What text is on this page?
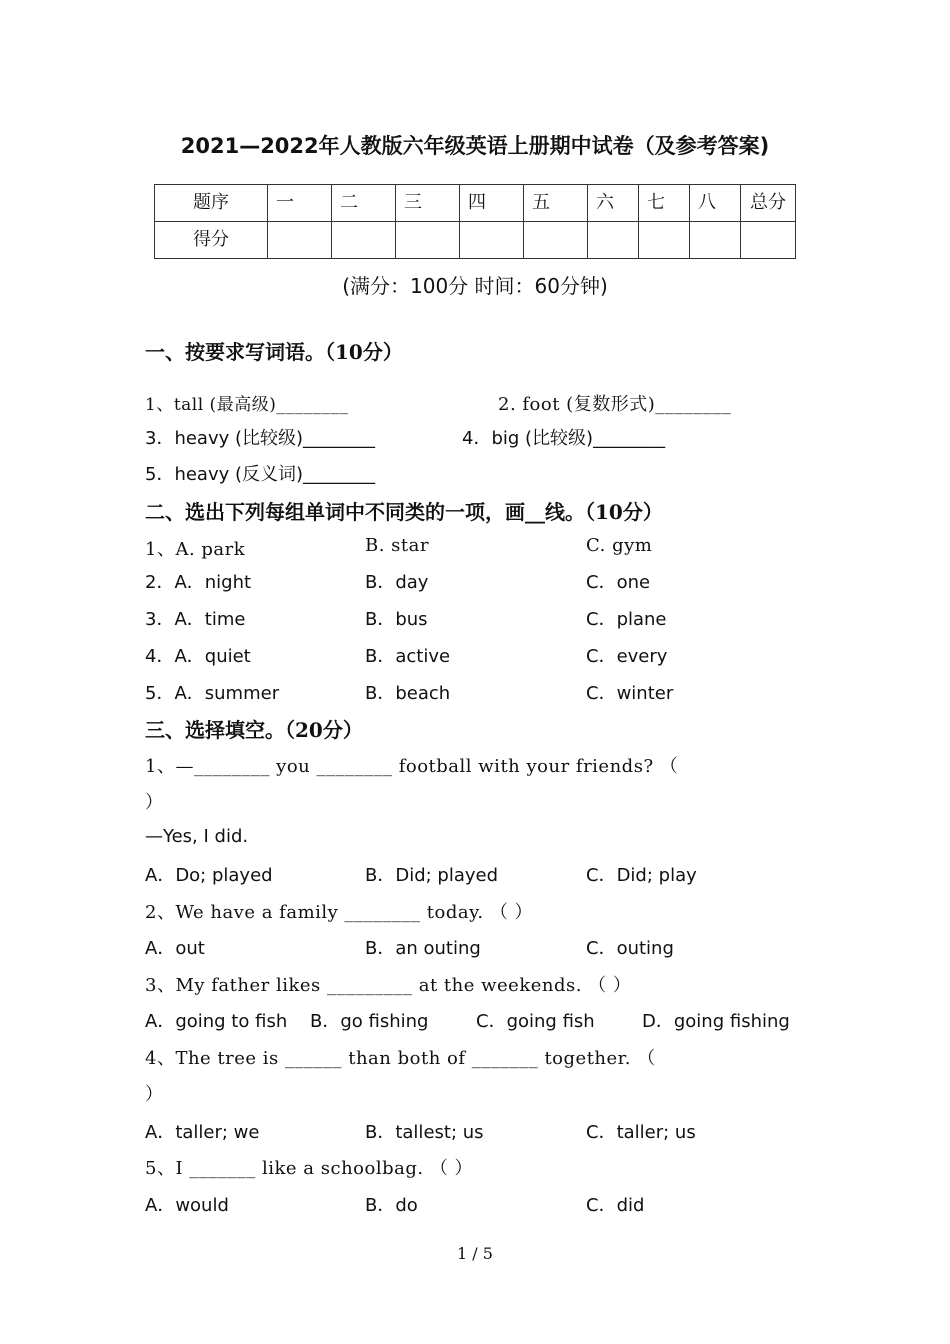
2021—2022年人教版六年级英语上册期中试卷（及参考答案)
题序	一	二	三	四	五	六	七	八	总分

得分									

(满分：100分 时间：60分钟)
一、按要求写词语。（10分）
1、tall (最高级)________	2. foot (复数形式)________
3．heavy (比较级)________	4．big (比较级)________
5．heavy (反义词)________
二、选出下列每组单词中不同类的一项，画__线。（10分）
1、A. park	B. star	C. gym
2．A．night	B．day	C．one
3．A．time	B．bus	C．plane
4．A．quiet	B．active	C．every
5．A．summer	B．beach	C．winter
三、选择填空。（20分）
1、—________ you ________ football with your friends? （
）
—Yes, I did.
A．Do; played	B．Did; played	C．Did; play
2、We have a family ________ today. （ ）
A．out	B．an outing	C．outing
3、My father likes _________ at the weekends. （ ）
A．going to fish B．go fishing	C．going fish	D．going fishing
4、The tree is ______ than both of _______ together. （
）
A．taller; we	B．tallest; us	C．taller; us
5、I _______ like a schoolbag. （ ）
A．would	B．do	C．did
1 / 5
